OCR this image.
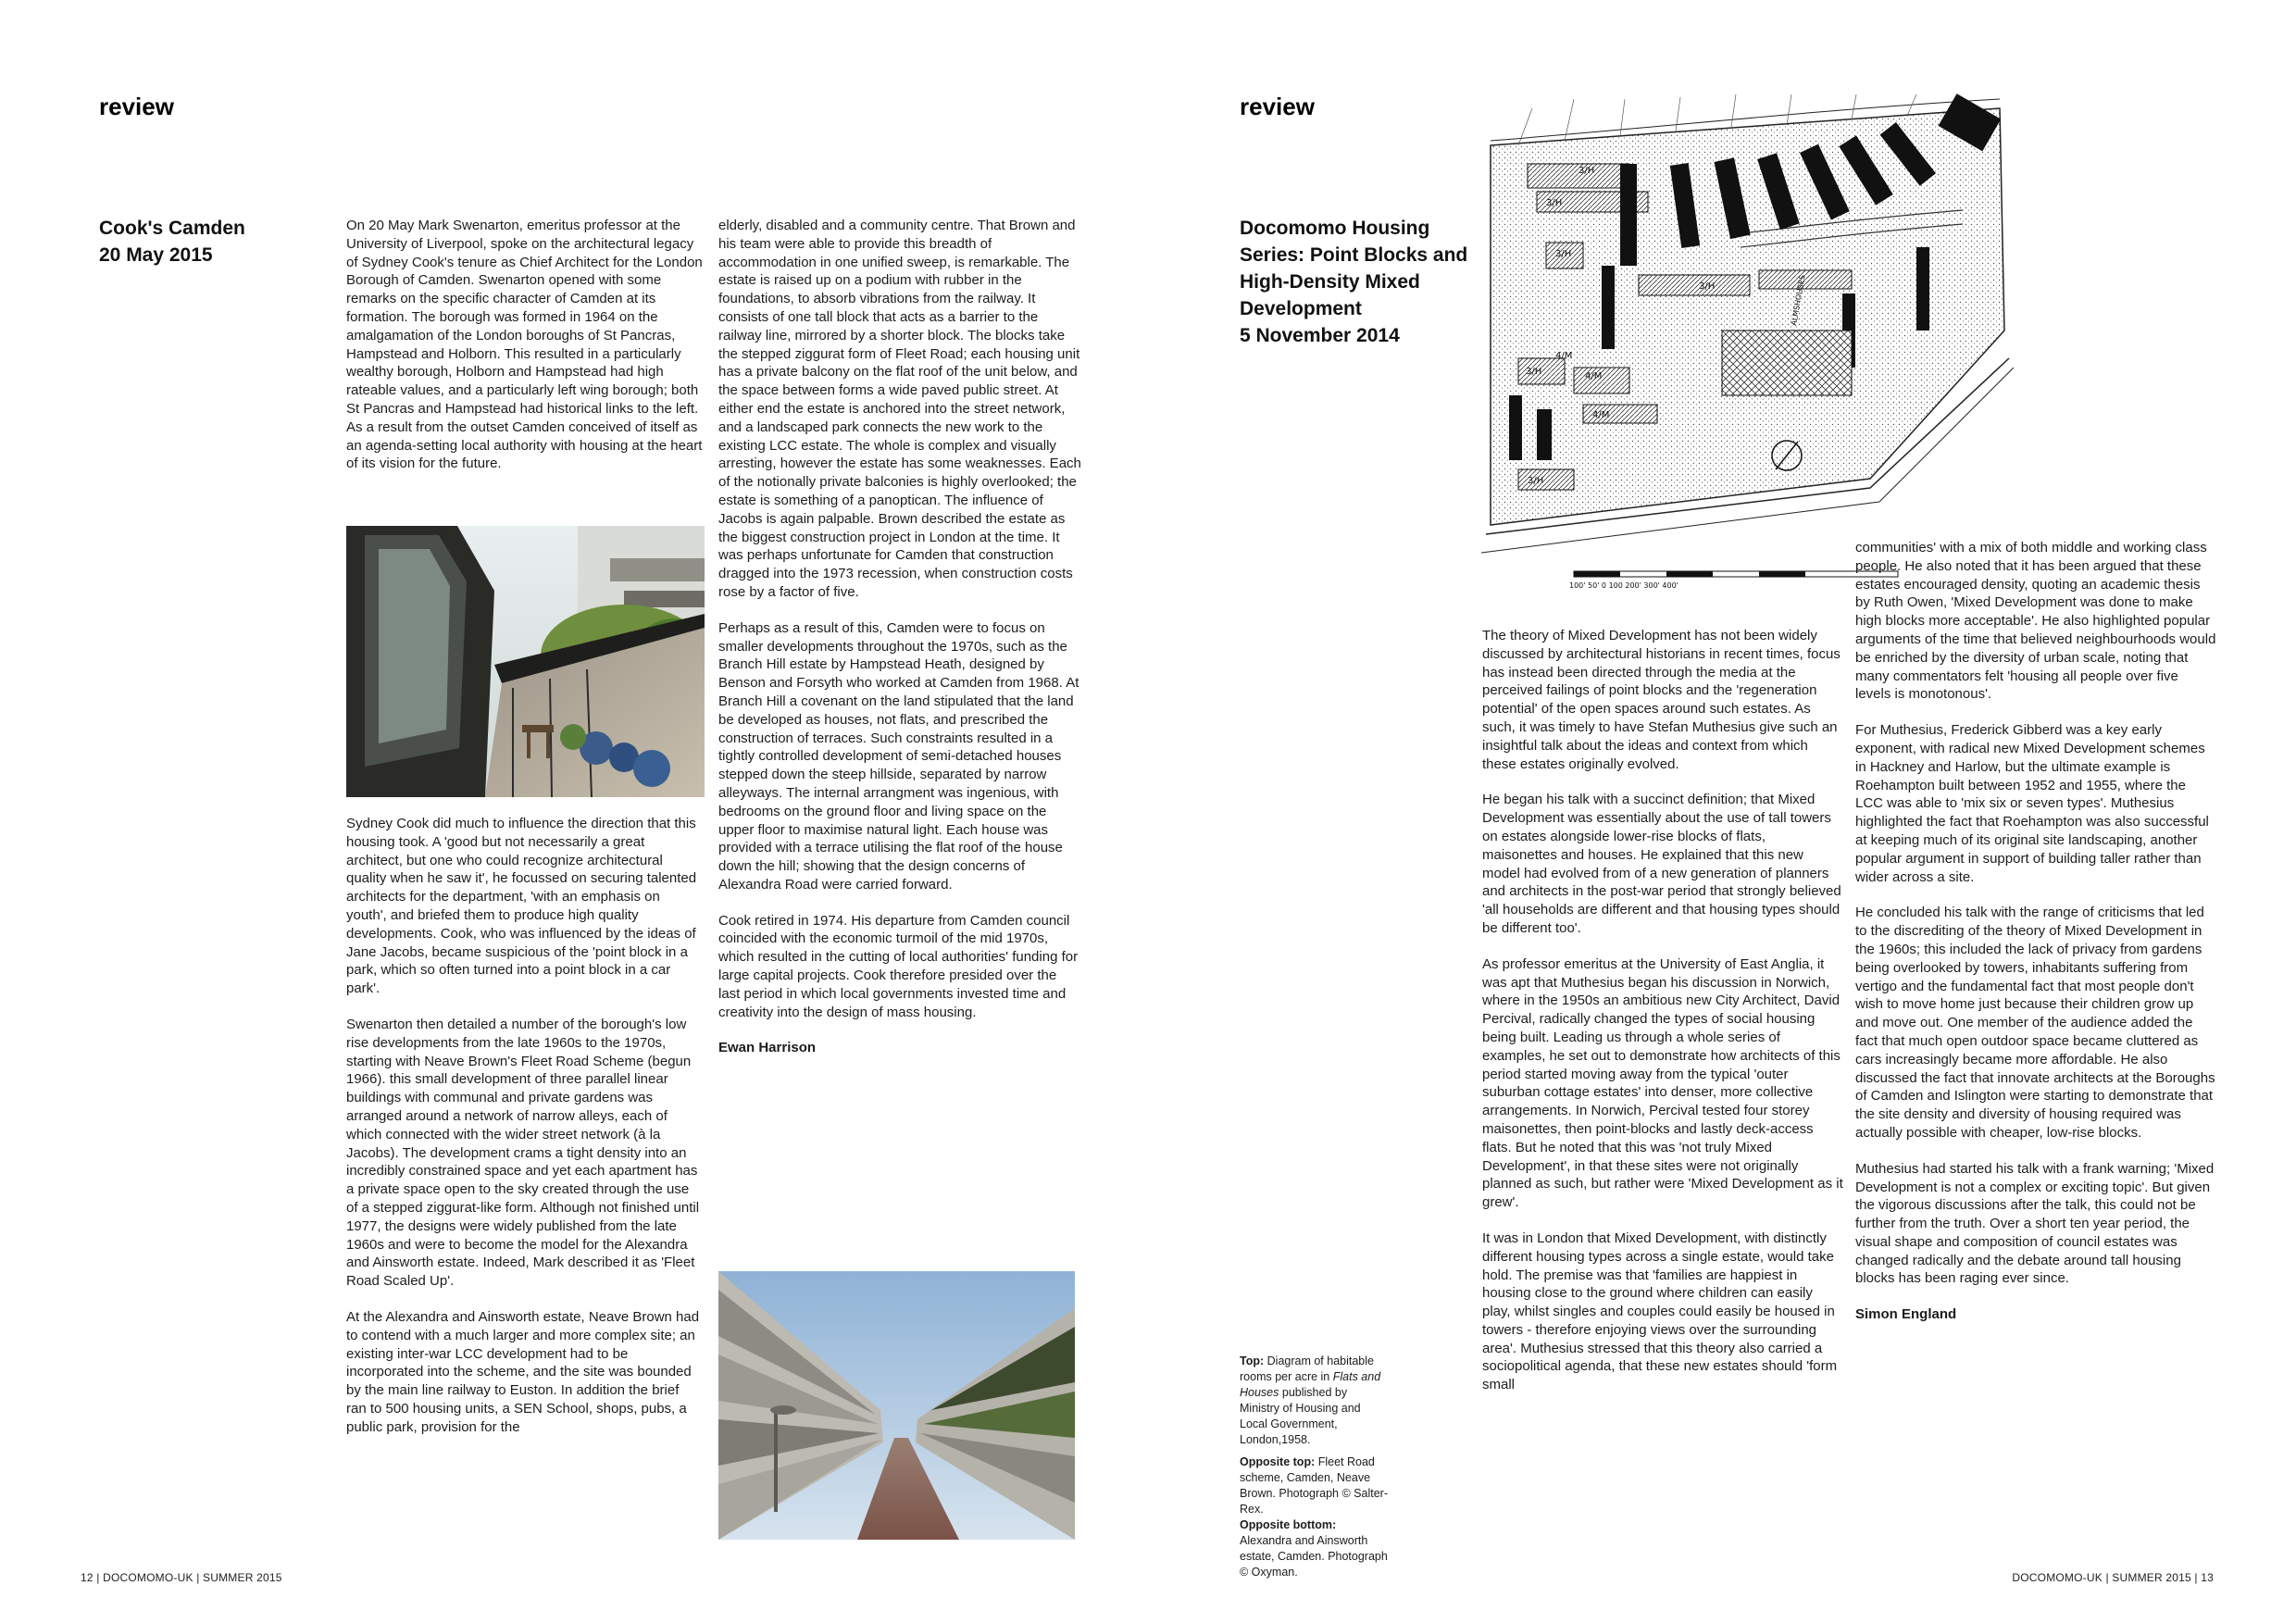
review
Cook's Camden
20 May 2015

On 20 May Mark Swenarton, emeritus professor at the University of Liverpool, spoke on the architectural legacy of Sydney Cook's tenure as Chief Architect for the London Borough of Camden. Swenarton opened with some remarks on the specific character of Camden at its formation. The borough was formed in 1964 on the amalgamation of the London boroughs of St Pancras, Hampstead and Holborn. This resulted in a particularly wealthy borough, Holborn and Hampstead had high rateable values, and a particularly left wing borough; both St Pancras and Hampstead had historical links to the left. As a result from the outset Camden conceived of itself as an agenda-setting local authority with housing at the heart of its vision for the future.

Sydney Cook did much to influence the direction that this housing took. A 'good but not necessarily a great architect, but one who could recognize architectural quality when he saw it', he focussed on securing talented architects for the department, 'with an emphasis on youth', and briefed them to produce high quality developments. Cook, who was influenced by the ideas of Jane Jacobs, became suspicious of the 'point block in a park, which so often turned into a point block in a car park'.

Swenarton then detailed a number of the borough's low rise developments from the late 1960s to the 1970s, starting with Neave Brown's Fleet Road Scheme (begun 1966). this small development of three parallel linear buildings with communal and private gardens was arranged around a network of narrow alleys, each of which connected with the wider street network (à la Jacobs). The development crams a tight density into an incredibly constrained space and yet each apartment has a private space open to the sky created through the use of a stepped ziggurat-like form. Although not finished until 1977, the designs were widely published from the late 1960s and were to become the model for the Alexandra and Ainsworth estate. Indeed, Mark described it as 'Fleet Road Scaled Up'.

At the Alexandra and Ainsworth estate, Neave Brown had to contend with a much larger and more complex site; an existing inter-war LCC development had to be incorporated into the scheme, and the site was bounded by the main line railway to Euston. In addition the brief ran to 500 housing units, a SEN School, shops, pubs, a public park, provision for the

elderly, disabled and a community centre. That Brown and his team were able to provide this breadth of accommodation in one unified sweep, is remarkable. The estate is raised up on a podium with rubber in the foundations, to absorb vibrations from the railway. It consists of one tall block that acts as a barrier to the railway line, mirrored by a shorter block. The blocks take the stepped ziggurat form of Fleet Road; each housing unit has a private balcony on the flat roof of the unit below, and the space between forms a wide paved public street. At either end the estate is anchored into the street network, and a landscaped park connects the new work to the existing LCC estate. The whole is complex and visually arresting, however the estate has some weaknesses. Each of the notionally private balconies is highly overlooked; the estate is something of a panoptican. The influence of Jacobs is again palpable. Brown described the estate as the biggest construction project in London at the time. It was perhaps unfortunate for Camden that construction dragged into the 1973 recession, when construction costs rose by a factor of five.

Perhaps as a result of this, Camden were to focus on smaller developments throughout the 1970s, such as the Branch Hill estate by Hampstead Heath, designed by Benson and Forsyth who worked at Camden from 1968. At Branch Hill a covenant on the land stipulated that the land be developed as houses, not flats, and prescribed the construction of terraces. Such constraints resulted in a tightly controlled development of semi-detached houses stepped down the steep hillside, separated by narrow alleyways. The internal arrangment was ingenious, with bedrooms on the ground floor and living space on the upper floor to maximise natural light. Each house was provided with a terrace utilising the flat roof of the house down the hill; showing that the design concerns of Alexandra Road were carried forward.

Cook retired in 1974. His departure from Camden council coincided with the economic turmoil of the mid 1970s, which resulted in the cutting of local authorities' funding for large capital projects. Cook therefore presided over the last period in which local governments invested time and creativity into the design of mass housing.

Ewan Harrison

12 | DOCOMOMO-UK | SUMMER 2015
review
Docomomo Housing
Series: Point Blocks and
High-Density Mixed
Development
5 November 2014
3/H
3/H
3/H
4/M
4/M
3/H
3/H
3/H
4/M
ALMSHOUSES
100' 50' 0 100 200' 300' 400'

Top: Diagram of habitable rooms per acre in Flats and Houses published by Ministry of Housing and Local Government, London,1958.

Opposite top: Fleet Road scheme, Camden, Neave Brown. Photograph © Salter-Rex.

Opposite bottom: Alexandra and Ainsworth estate, Camden. Photograph © Oxyman.

The theory of Mixed Development has not been widely discussed by architectural historians in recent times, focus has instead been directed through the media at the perceived failings of point blocks and the 'regeneration potential' of the open spaces around such estates. As such, it was timely to have Stefan Muthesius give such an insightful talk about the ideas and context from which these estates originally evolved.

He began his talk with a succinct definition; that Mixed Development was essentially about the use of tall towers on estates alongside lower-rise blocks of flats, maisonettes and houses. He explained that this new model had evolved from of a new generation of planners and architects in the post-war period that strongly believed 'all households are different and that housing types should be different too'.

As professor emeritus at the University of East Anglia, it was apt that Muthesius began his discussion in Norwich, where in the 1950s an ambitious new City Architect, David Percival, radically changed the types of social housing being built. Leading us through a whole series of examples, he set out to demonstrate how architects of this period started moving away from the typical 'outer suburban cottage estates' into denser, more collective arrangements. In Norwich, Percival tested four storey maisonettes, then point-blocks and lastly deck-access flats. But he noted that this was 'not truly Mixed Development', in that these sites were not originally planned as such, but rather were 'Mixed Development as it grew'.

It was in London that Mixed Development, with distinctly different housing types across a single estate, would take hold. The premise was that 'families are happiest in housing close to the ground where children can easily play, whilst singles and couples could easily be housed in towers - therefore enjoying views over the surrounding area'. Muthesius stressed that this theory also carried a sociopolitical agenda, that these new estates should 'form small

communities' with a mix of both middle and working class people. He also noted that it has been argued that these estates encouraged density, quoting an academic thesis by Ruth Owen, 'Mixed Development was done to make high blocks more acceptable'. He also highlighted popular arguments of the time that believed neighbourhoods would be enriched by the diversity of urban scale, noting that many commentators felt 'housing all people over five levels is monotonous'.

For Muthesius, Frederick Gibberd was a key early exponent, with radical new Mixed Development schemes in Hackney and Harlow, but the ultimate example is Roehampton built between 1952 and 1955, where the LCC was able to 'mix six or seven types'. Muthesius highlighted the fact that Roehampton was also successful at keeping much of its original site landscaping, another popular argument in support of building taller rather than wider across a site.

He concluded his talk with the range of criticisms that led to the discrediting of the theory of Mixed Development in the 1960s; this included the lack of privacy from gardens being overlooked by towers, inhabitants suffering from vertigo and the fundamental fact that most people don't wish to move home just because their children grow up and move out. One member of the audience added the fact that much open outdoor space became cluttered as cars increasingly became more affordable. He also discussed the fact that innovate architects at the Boroughs of Camden and Islington were starting to demonstrate that the site density and diversity of housing required was actually possible with cheaper, low-rise blocks.

Muthesius had started his talk with a frank warning; 'Mixed Development is not a complex or exciting topic'. But given the vigorous discussions after the talk, this could not be further from the truth. Over a short ten year period, the visual shape and composition of council estates was changed radically and the debate around tall housing blocks has been raging ever since.

Simon England

DOCOMOMO-UK | SUMMER 2015 | 13
